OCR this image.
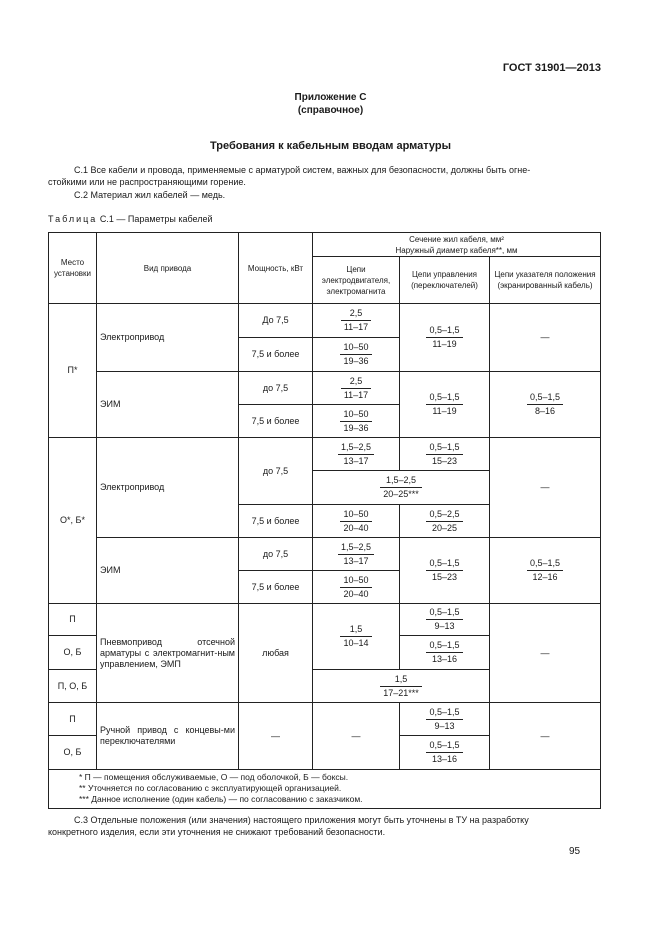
ГОСТ 31901—2013
Приложение С
(справочное)
Требования к кабельным вводам арматуры
С.1 Все кабели и провода, применяемые с арматурой систем, важных для безопасности, должны быть огне-
стойкими или не распространяющими горение.
С.2 Материал жил кабелей — медь.
Таблица С.1 — Параметры кабелей
Место установки	Вид привода	Мощность, кВт	Сечение жил кабеля, мм²
Наружный диаметр кабеля**, мм		

			Цепи электродвигателя, электромагнита	Цепи управления (переключателей)	Цепи указателя положения (экранированный кабель)
П*	Электропривод	До 7,5	$\frac{2,5}{11-17}$	$\frac{0,5-1,5}{11-19}$	—
		7,5 и более	$\frac{10-50}{19-36}$

	ЭИМ	до 7,5	$\frac{2,5}{11-17}$	$\frac{0,5-1,5}{11-19}$	$\frac{0,5-1,5}{8-16}$

		7,5 и более	$\frac{10-50}{19-36}$

О*, Б*	Электропривод	до 7,5	$\frac{1,5-2,5}{13-17}$	$\frac{0,5-1,5}{15-23}$	—

			$\frac{1,5-2,5}{20-25***}$

		7,5 и более	$\frac{10-50}{20-40}$	$\frac{0,5-2,5}{20-25}$

	ЭИМ	до 7,5	$\frac{1,5-2,5}{13-17}$	$\frac{0,5-1,5}{15-23}$	$\frac{0,5-1,5}{12-16}$

		7,5 и более	$\frac{10-50}{20-40}$

П	Пневмопривод отсечной арматуры с электромагнит-ным управлением, ЭМП	любая	$\frac{1,5}{10-14}$	$\frac{0,5-1,5}{9-13}$	—
О, Б				$\frac{0,5-1,5}{13-16}$

П, О, Б			$\frac{1,5}{17-21***}$

П	Ручной привод с концевы-ми переключателями	—	—	$\frac{0,5-1,5}{9-13}$	—
О, Б				$\frac{0,5-1,5}{13-16}$

* П — помещения обслуживаемые, О — под оболочкой, Б — боксы.
** Уточняется по согласованию с эксплуатирующей организацией.
*** Данное исполнение (один кабель) — по согласованию с заказчиком.					
С.3 Отдельные положения (или значения) настоящего приложения могут быть уточнены в ТУ на разработку
конкретного изделия, если эти уточнения не снижают требований безопасности.
95
